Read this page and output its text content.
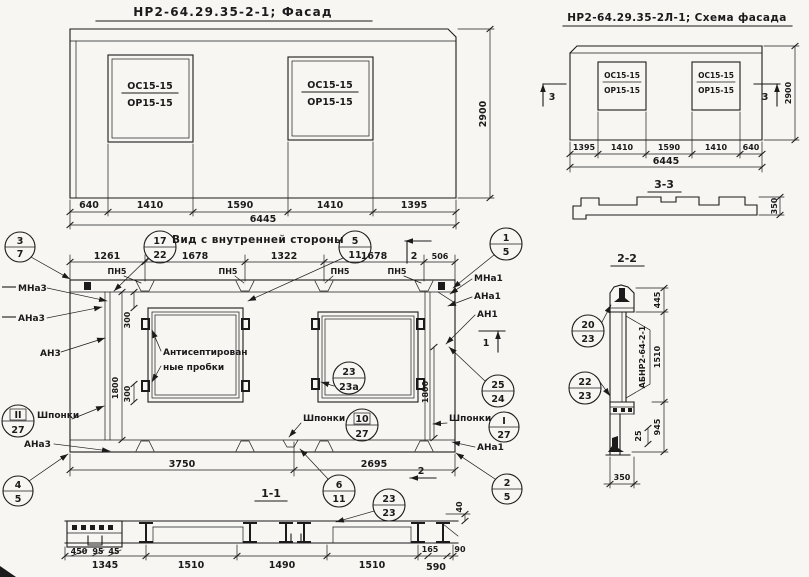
НР2-64.29.35-2-1; Фасад
ОС15-15
ОР15-15
ОС15-15
ОР15-15
640	1410	1590	1410	1395
6445
2900
НР2-64.29.35-2Л-1; Схема фасада
ОС15-15
ОР15-15
ОС15-15
ОР15-15
3	3 2900
1395 1410	1590	1410 640
6445
3-3
350
Вид с внутренней стороны
3
7
17
22
5
11
1
5
1261	1678	1322	1678	506
2
ПН5	ПН5	ПН5	ПН5
Антисептирован
ные пробки	23
23а
Шпонки 10
27
МНа1
АНа1
АН1
1
25
24
Шпонки I
27
АНа1
2
5
МНа3
АНа3
АН3
II
27
Шпонки
АНа3
1800
300
300	1800
3750	2695
2
4
5	1-1
6
11	23
23
40
1345	1510	1490	1510	590
165 90
450 95 45
2-2
АБНР2-64-2-1
20
23
22
23
445
1510
945
25
350
